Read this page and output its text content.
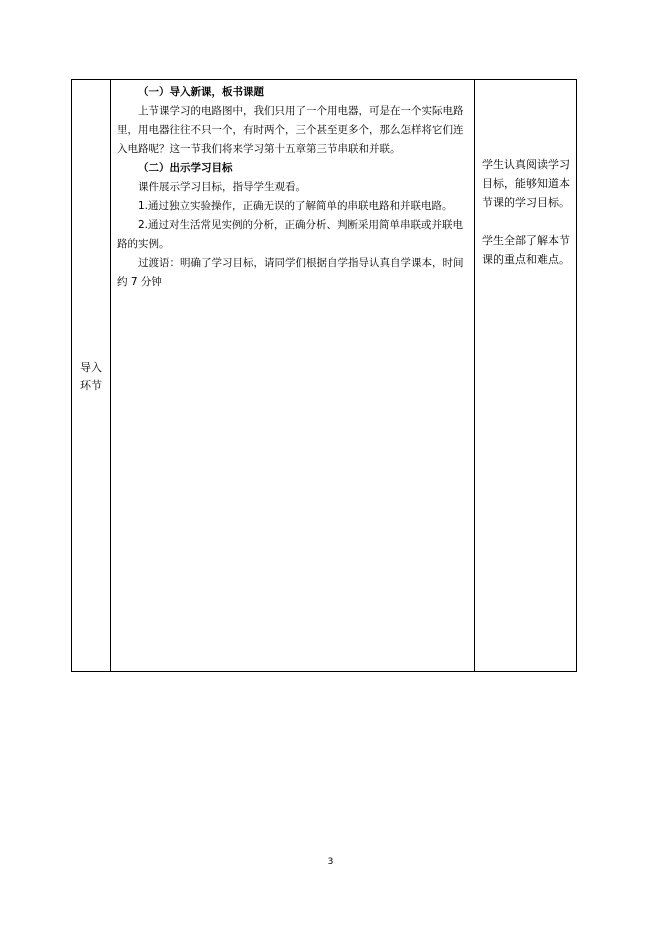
导入
环节

（一）导入新课，板书课题

上节课学习的电路图中，我们只用了一个用电器，可是在一个实际电路里，用电器往往不只一个，有时两个，三个甚至更多个，那么怎样将它们连入电路呢？这一节我们将来学习第十五章第三节串联和并联。

（二）出示学习目标

课件展示学习目标，指导学生观看。

1.通过独立实验操作，正确无误的了解简单的串联电路和并联电路。

2.通过对生活常见实例的分析，正确分析、判断采用简单串联或并联电路的实例。

过渡语：明确了学习目标，请同学们根据自学指导认真自学课本，时间约 7 分钟

学生认真阅读学习目标，能够知道本节课的学习目标。

学生全部了解本节课的重点和难点。

3
